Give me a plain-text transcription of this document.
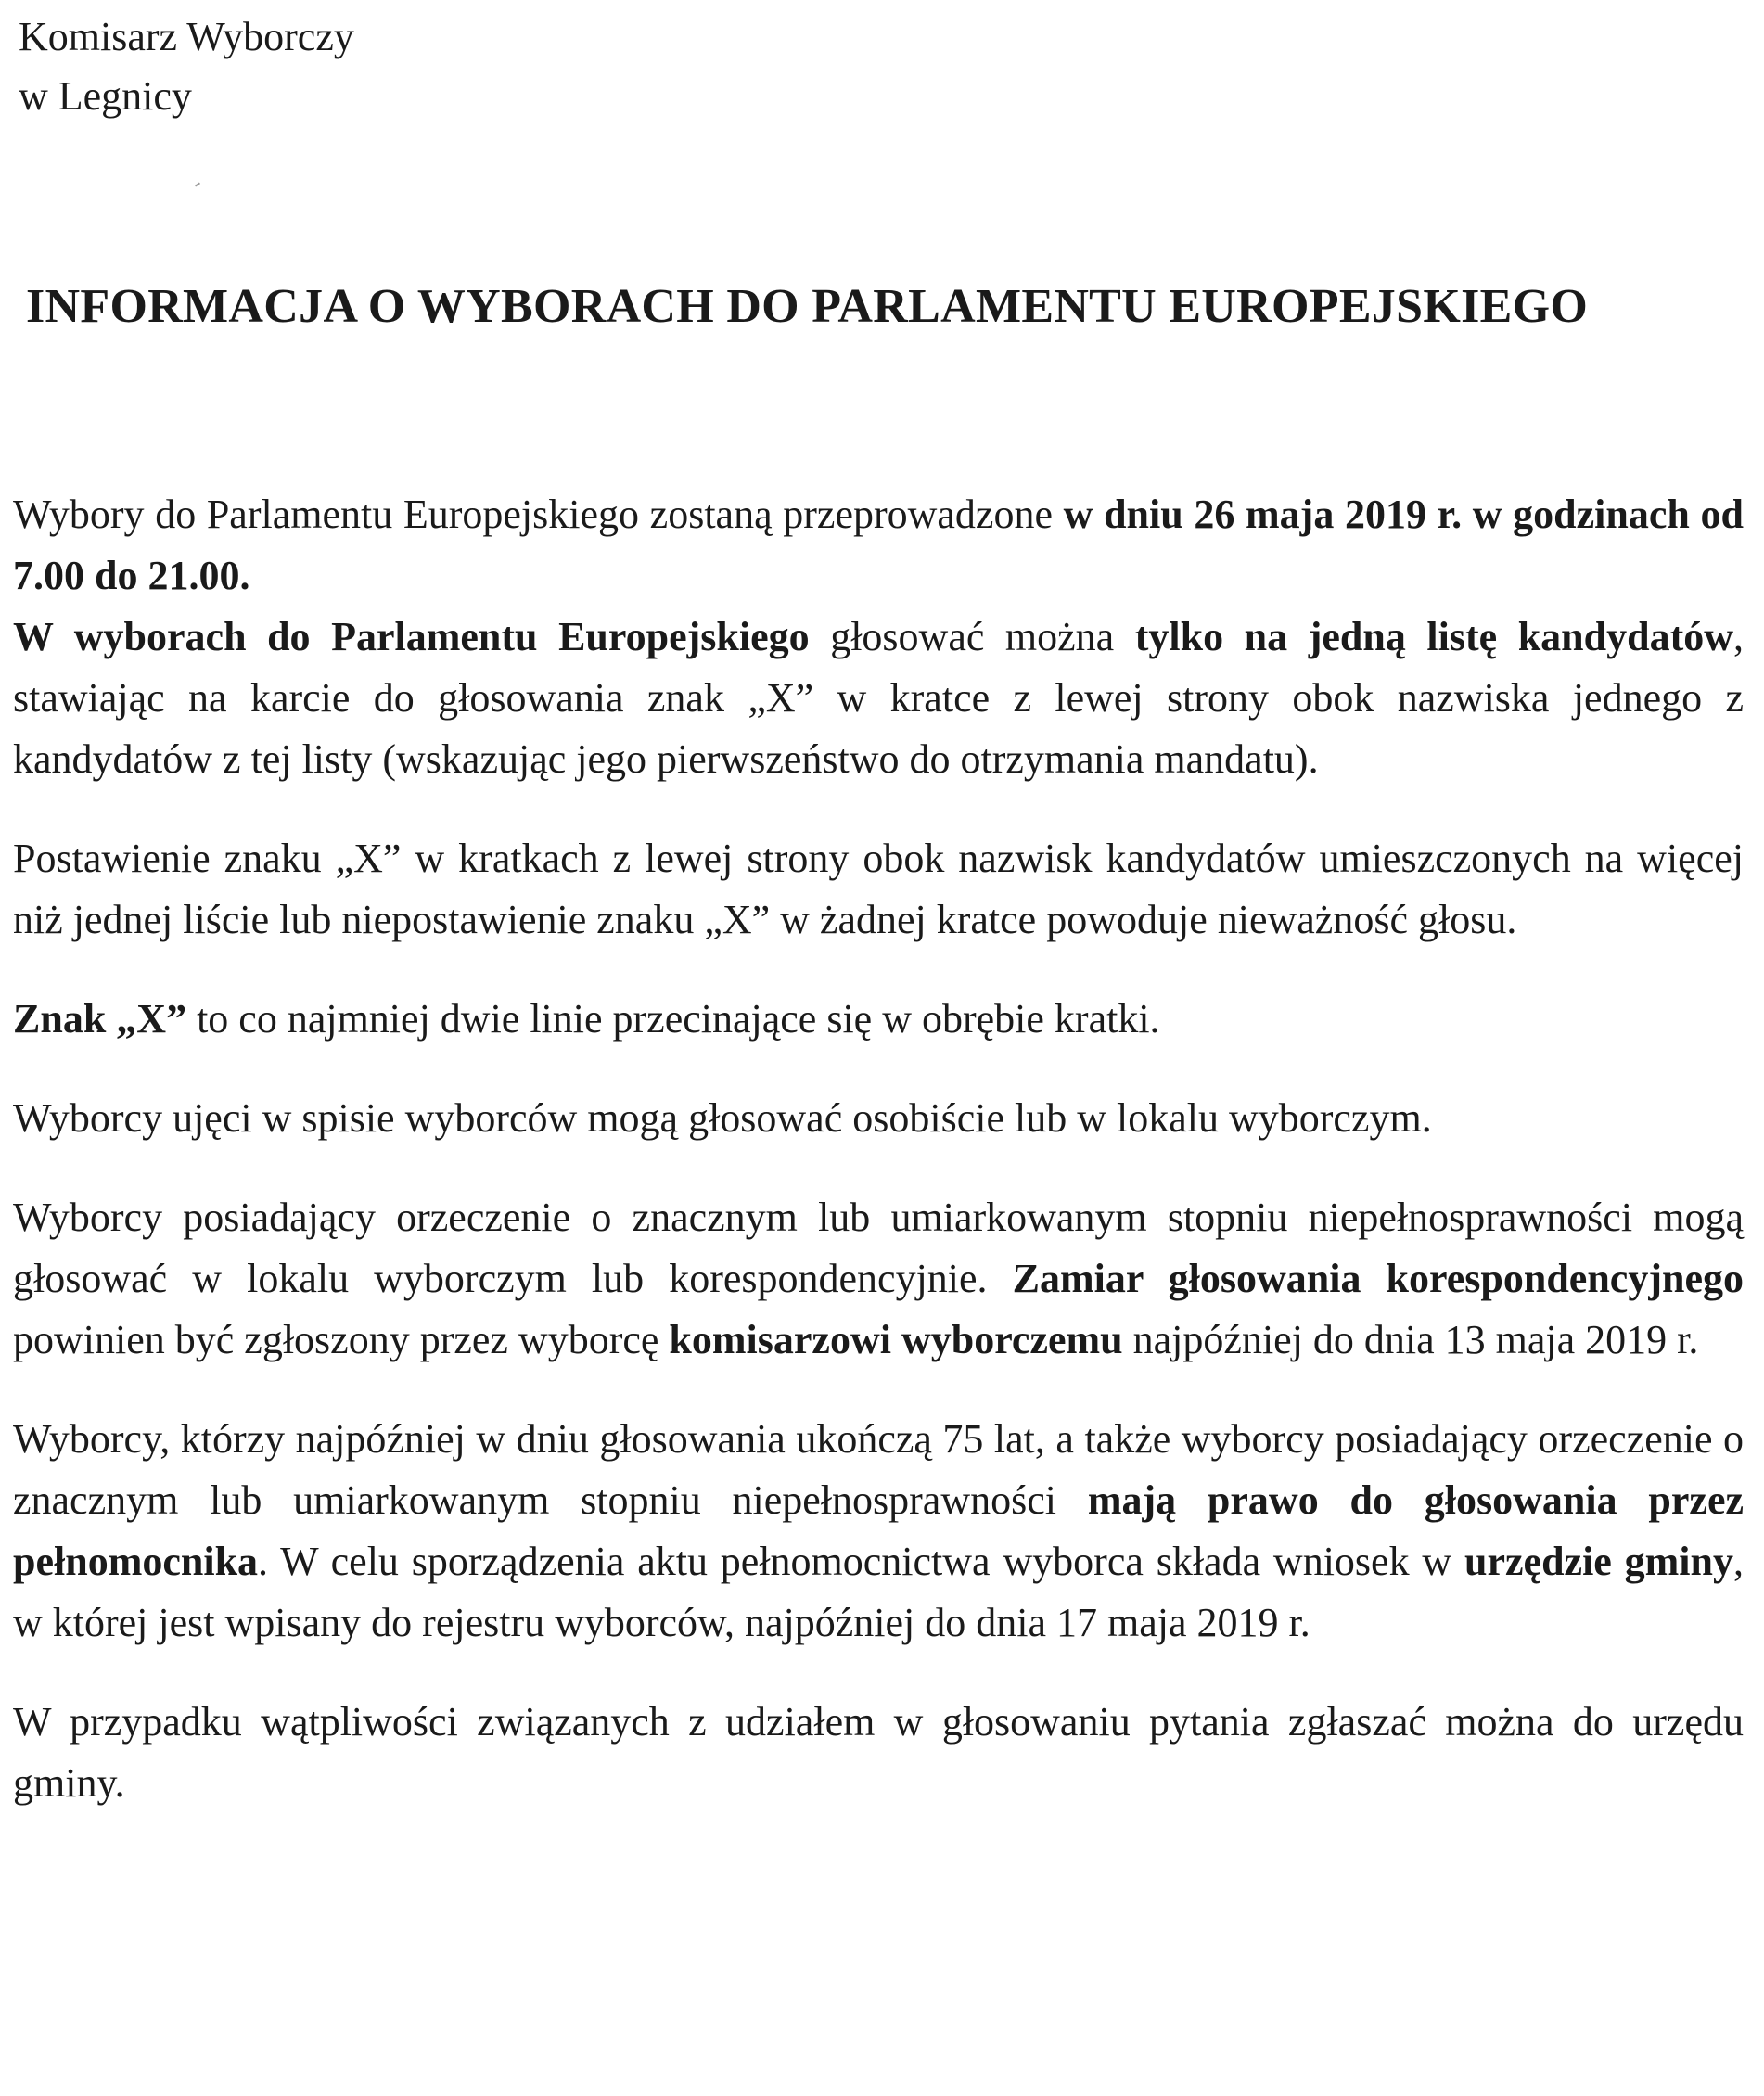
Komisarz Wyborczy
w Legnicy
INFORMACJA O WYBORACH DO PARLAMENTU EUROPEJSKIEGO

Wybory do Parlamentu Europejskiego zostaną przeprowadzone w dniu 26 maja 2019 r. w godzinach od 7.00 do 21.00.

W wyborach do Parlamentu Europejskiego głosować można tylko na jedną listę kandydatów, stawiając na karcie do głosowania znak „X” w kratce z lewej strony obok nazwiska jednego z kandydatów z tej listy (wskazując jego pierwszeństwo do otrzymania mandatu).

Postawienie znaku „X” w kratkach z lewej strony obok nazwisk kandydatów umieszczonych na więcej niż jednej liście lub niepostawienie znaku „X” w żadnej kratce powoduje nieważność głosu.

Znak „X” to co najmniej dwie linie przecinające się w obrębie kratki.

Wyborcy ujęci w spisie wyborców mogą głosować osobiście lub w lokalu wyborczym.

Wyborcy posiadający orzeczenie o znacznym lub umiarkowanym stopniu niepełnosprawności mogą głosować w lokalu wyborczym lub korespondencyjnie. Zamiar głosowania korespondencyjnego powinien być zgłoszony przez wyborcę komisarzowi wyborczemu najpóźniej do dnia 13 maja 2019 r.

Wyborcy, którzy najpóźniej w dniu głosowania ukończą 75 lat, a także wyborcy posiadający orzeczenie o znacznym lub umiarkowanym stopniu niepełnosprawności mają prawo do głosowania przez pełnomocnika. W celu sporządzenia aktu pełnomocnictwa wyborca składa wniosek w urzędzie gminy, w której jest wpisany do rejestru wyborców, najpóźniej do dnia 17 maja 2019 r.

W przypadku wątpliwości związanych z udziałem w głosowaniu pytania zgłaszać można do urzędu gminy.
